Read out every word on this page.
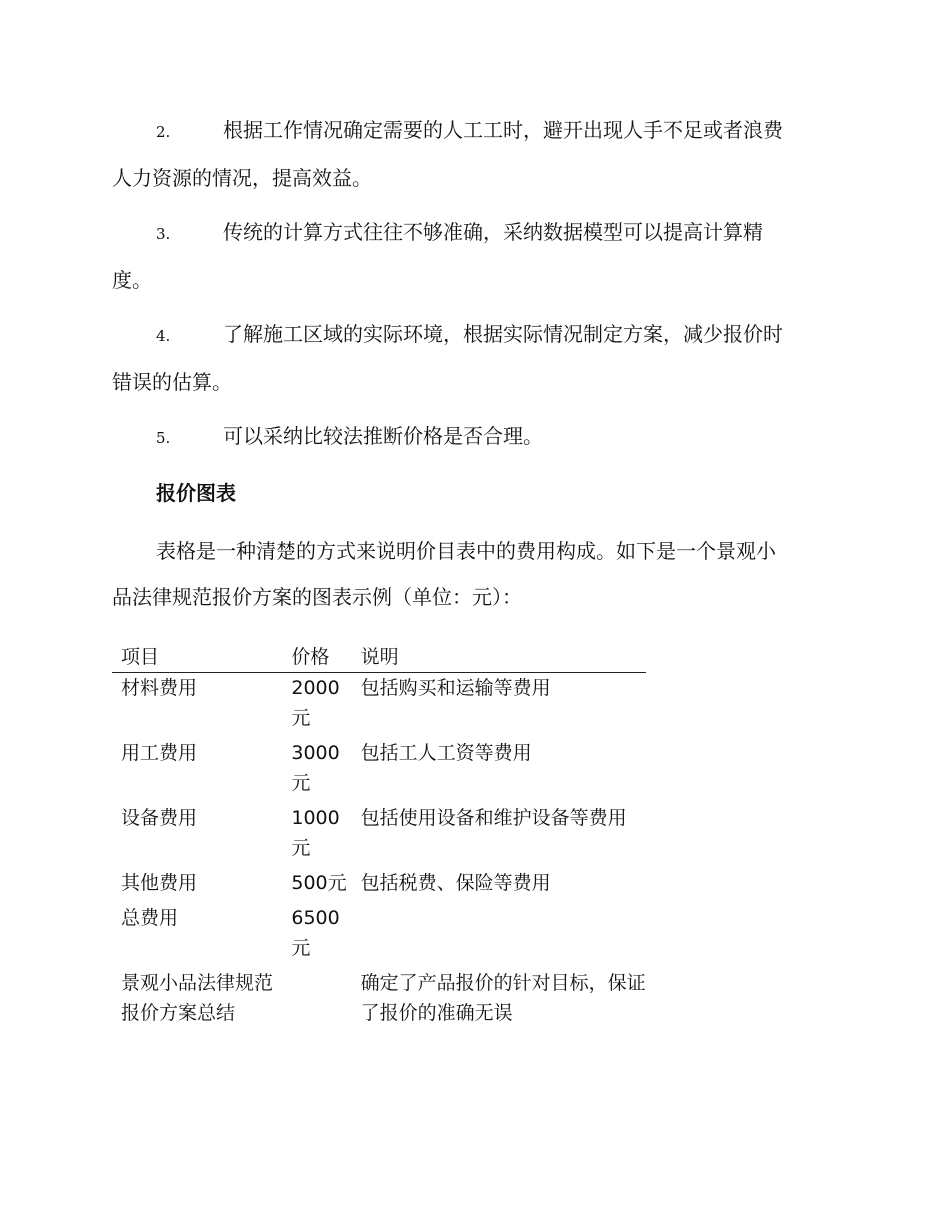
2.	根据工作情况确定需要的人工工时，避开出现人手不足或者浪费
人力资源的情况，提高效益。
3.	传统的计算方式往往不够准确，采纳数据模型可以提高计算精
度。
4.	了解施工区域的实际环境，根据实际情况制定方案，减少报价时
错误的估算。
5.	可以采纳比较法推断价格是否合理。
报价图表

表格是一种清楚的方式来说明价目表中的费用构成。如下是一个景观小
品法律规范报价方案的图表示例（单位：元）：

项目	价格	说明
材料费用	2000元	包括购买和运输等费用
用工费用	3000元	包括工人工资等费用
设备费用	1000元	包括使用设备和维护设备等费用
其他费用	500元	包括税费、保险等费用
总费用	6500元	
景观小品法律规范报价方案总结		确定了产品报价的针对目标，保证了报价的准确无误
